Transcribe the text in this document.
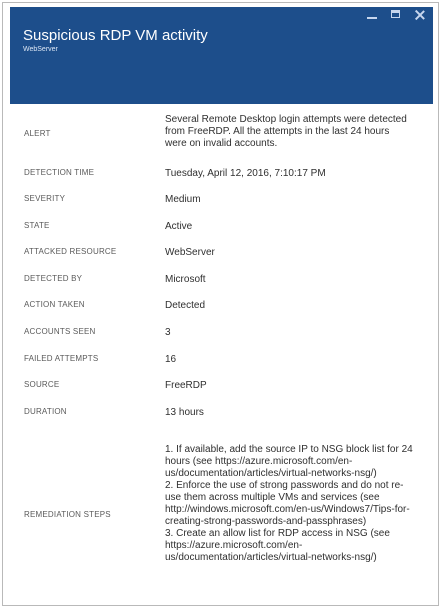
Suspicious RDP VM activity
WebServer
ALERT
Several Remote Desktop login attempts were detected from FreeRDP. All the attempts in the last 24 hours were on invalid accounts.
DETECTION TIME	Tuesday, April 12, 2016, 7:10:17 PM
SEVERITY	Medium
STATE	Active
ATTACKED RESOURCE	WebServer
DETECTED BY	Microsoft
ACTION TAKEN	Detected
ACCOUNTS SEEN	3
FAILED ATTEMPTS	16
SOURCE	FreeRDP
DURATION	13 hours
REMEDIATION STEPS
1. If available, add the source IP to NSG block list for 24 hours (see https://azure.microsoft.com/en-us/documentation/articles/virtual-networks-nsg/)
2. Enforce the use of strong passwords and do not re-use them across multiple VMs and services (see http://windows.microsoft.com/en-us/Windows7/Tips-for-creating-strong-passwords-and-passphrases)
3. Create an allow list for RDP access in NSG (see https://azure.microsoft.com/en-us/documentation/articles/virtual-networks-nsg/)
